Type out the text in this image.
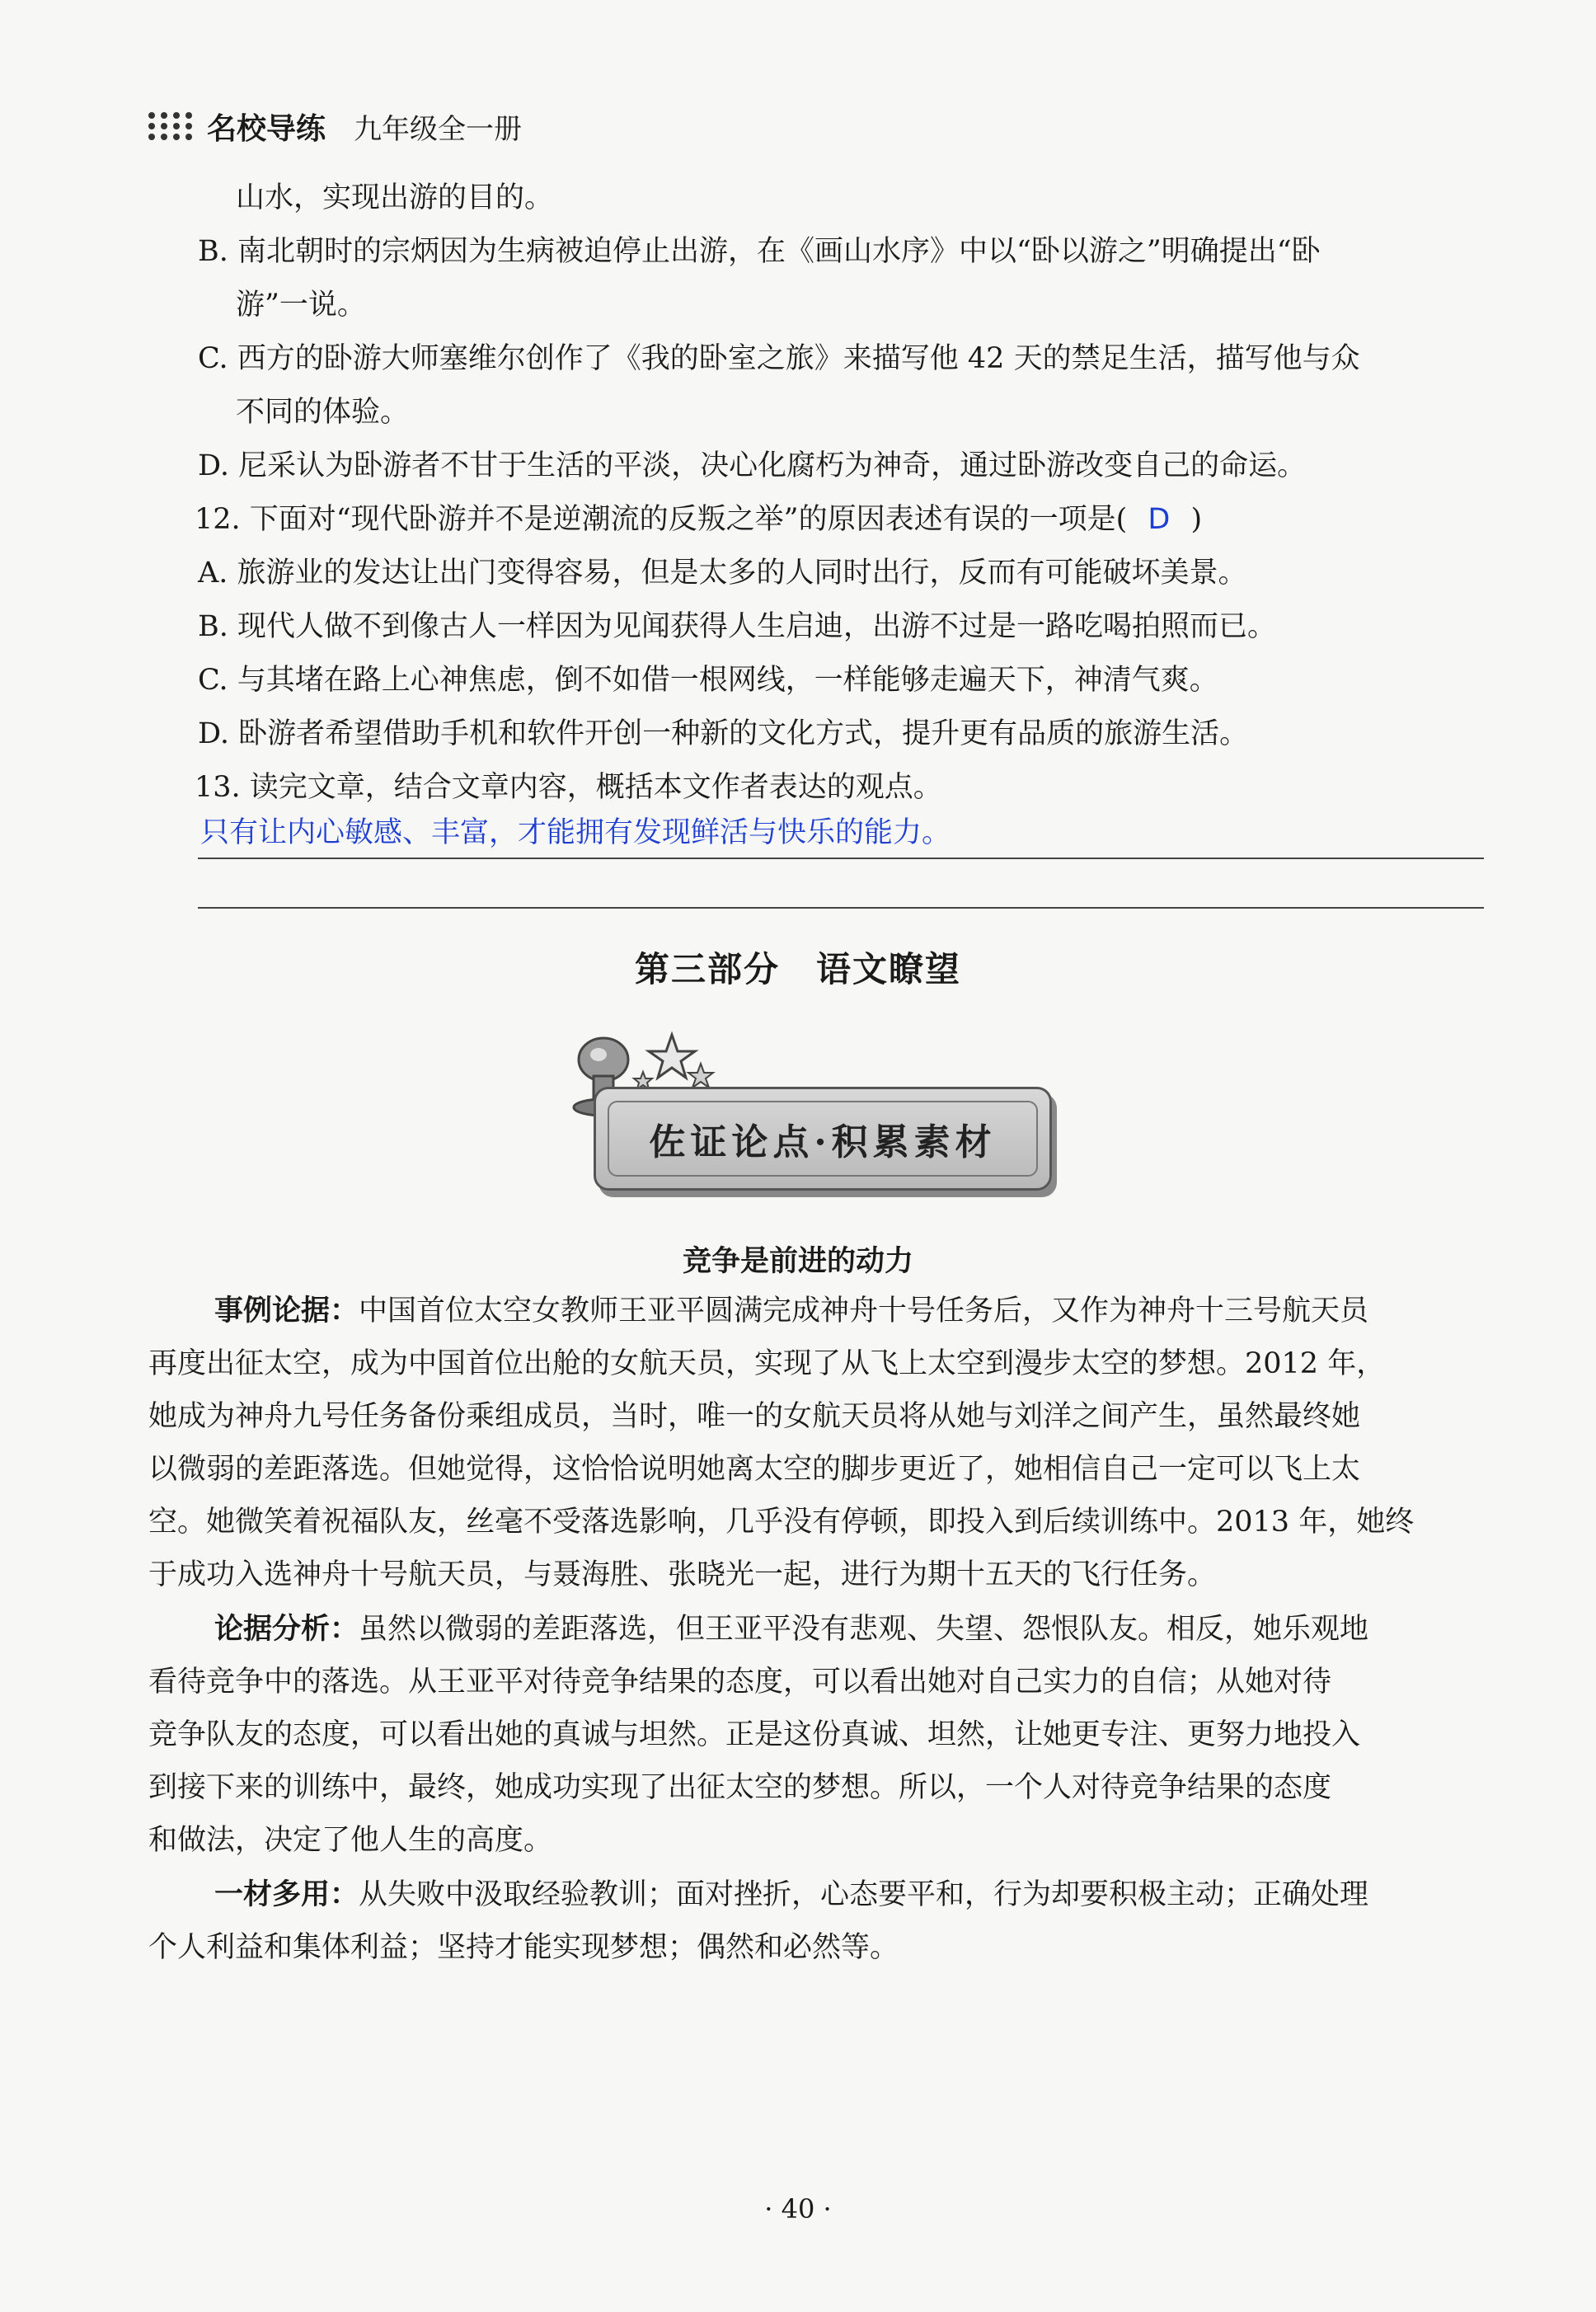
名校导练 九年级全一册
山水，实现出游的目的。
B. 南北朝时的宗炳因为生病被迫停止出游，在《画山水序》中以“卧以游之”明确提出“卧
游”一说。
C. 西方的卧游大师塞维尔创作了《我的卧室之旅》来描写他 42 天的禁足生活，描写他与众
不同的体验。
D. 尼采认为卧游者不甘于生活的平淡，决心化腐朽为神奇，通过卧游改变自己的命运。
12. 下面对“现代卧游并不是逆潮流的反叛之举”的原因表述有误的一项是( D )
A. 旅游业的发达让出门变得容易，但是太多的人同时出行，反而有可能破坏美景。
B. 现代人做不到像古人一样因为见闻获得人生启迪，出游不过是一路吃喝拍照而已。
C. 与其堵在路上心神焦虑，倒不如借一根网线，一样能够走遍天下，神清气爽。
D. 卧游者希望借助手机和软件开创一种新的文化方式，提升更有品质的旅游生活。
13. 读完文章，结合文章内容，概括本文作者表达的观点。
只有让内心敏感、丰富，才能拥有发现鲜活与快乐的能力。
第三部分　语文瞭望
佐证论点·积累素材
竞争是前进的动力
事例论据：中国首位太空女教师王亚平圆满完成神舟十号任务后，又作为神舟十三号航天员
再度出征太空，成为中国首位出舱的女航天员，实现了从飞上太空到漫步太空的梦想。2012 年，
她成为神舟九号任务备份乘组成员，当时，唯一的女航天员将从她与刘洋之间产生，虽然最终她
以微弱的差距落选。但她觉得，这恰恰说明她离太空的脚步更近了，她相信自己一定可以飞上太
空。她微笑着祝福队友，丝毫不受落选影响，几乎没有停顿，即投入到后续训练中。2013 年，她终
于成功入选神舟十号航天员，与聂海胜、张晓光一起，进行为期十五天的飞行任务。
论据分析：虽然以微弱的差距落选，但王亚平没有悲观、失望、怨恨队友。相反，她乐观地
看待竞争中的落选。从王亚平对待竞争结果的态度，可以看出她对自己实力的自信；从她对待
竞争队友的态度，可以看出她的真诚与坦然。正是这份真诚、坦然，让她更专注、更努力地投入
到接下来的训练中，最终，她成功实现了出征太空的梦想。所以，一个人对待竞争结果的态度
和做法，决定了他人生的高度。
一材多用：从失败中汲取经验教训；面对挫折，心态要平和，行为却要积极主动；正确处理
个人利益和集体利益；坚持才能实现梦想；偶然和必然等。
· 40 ·
